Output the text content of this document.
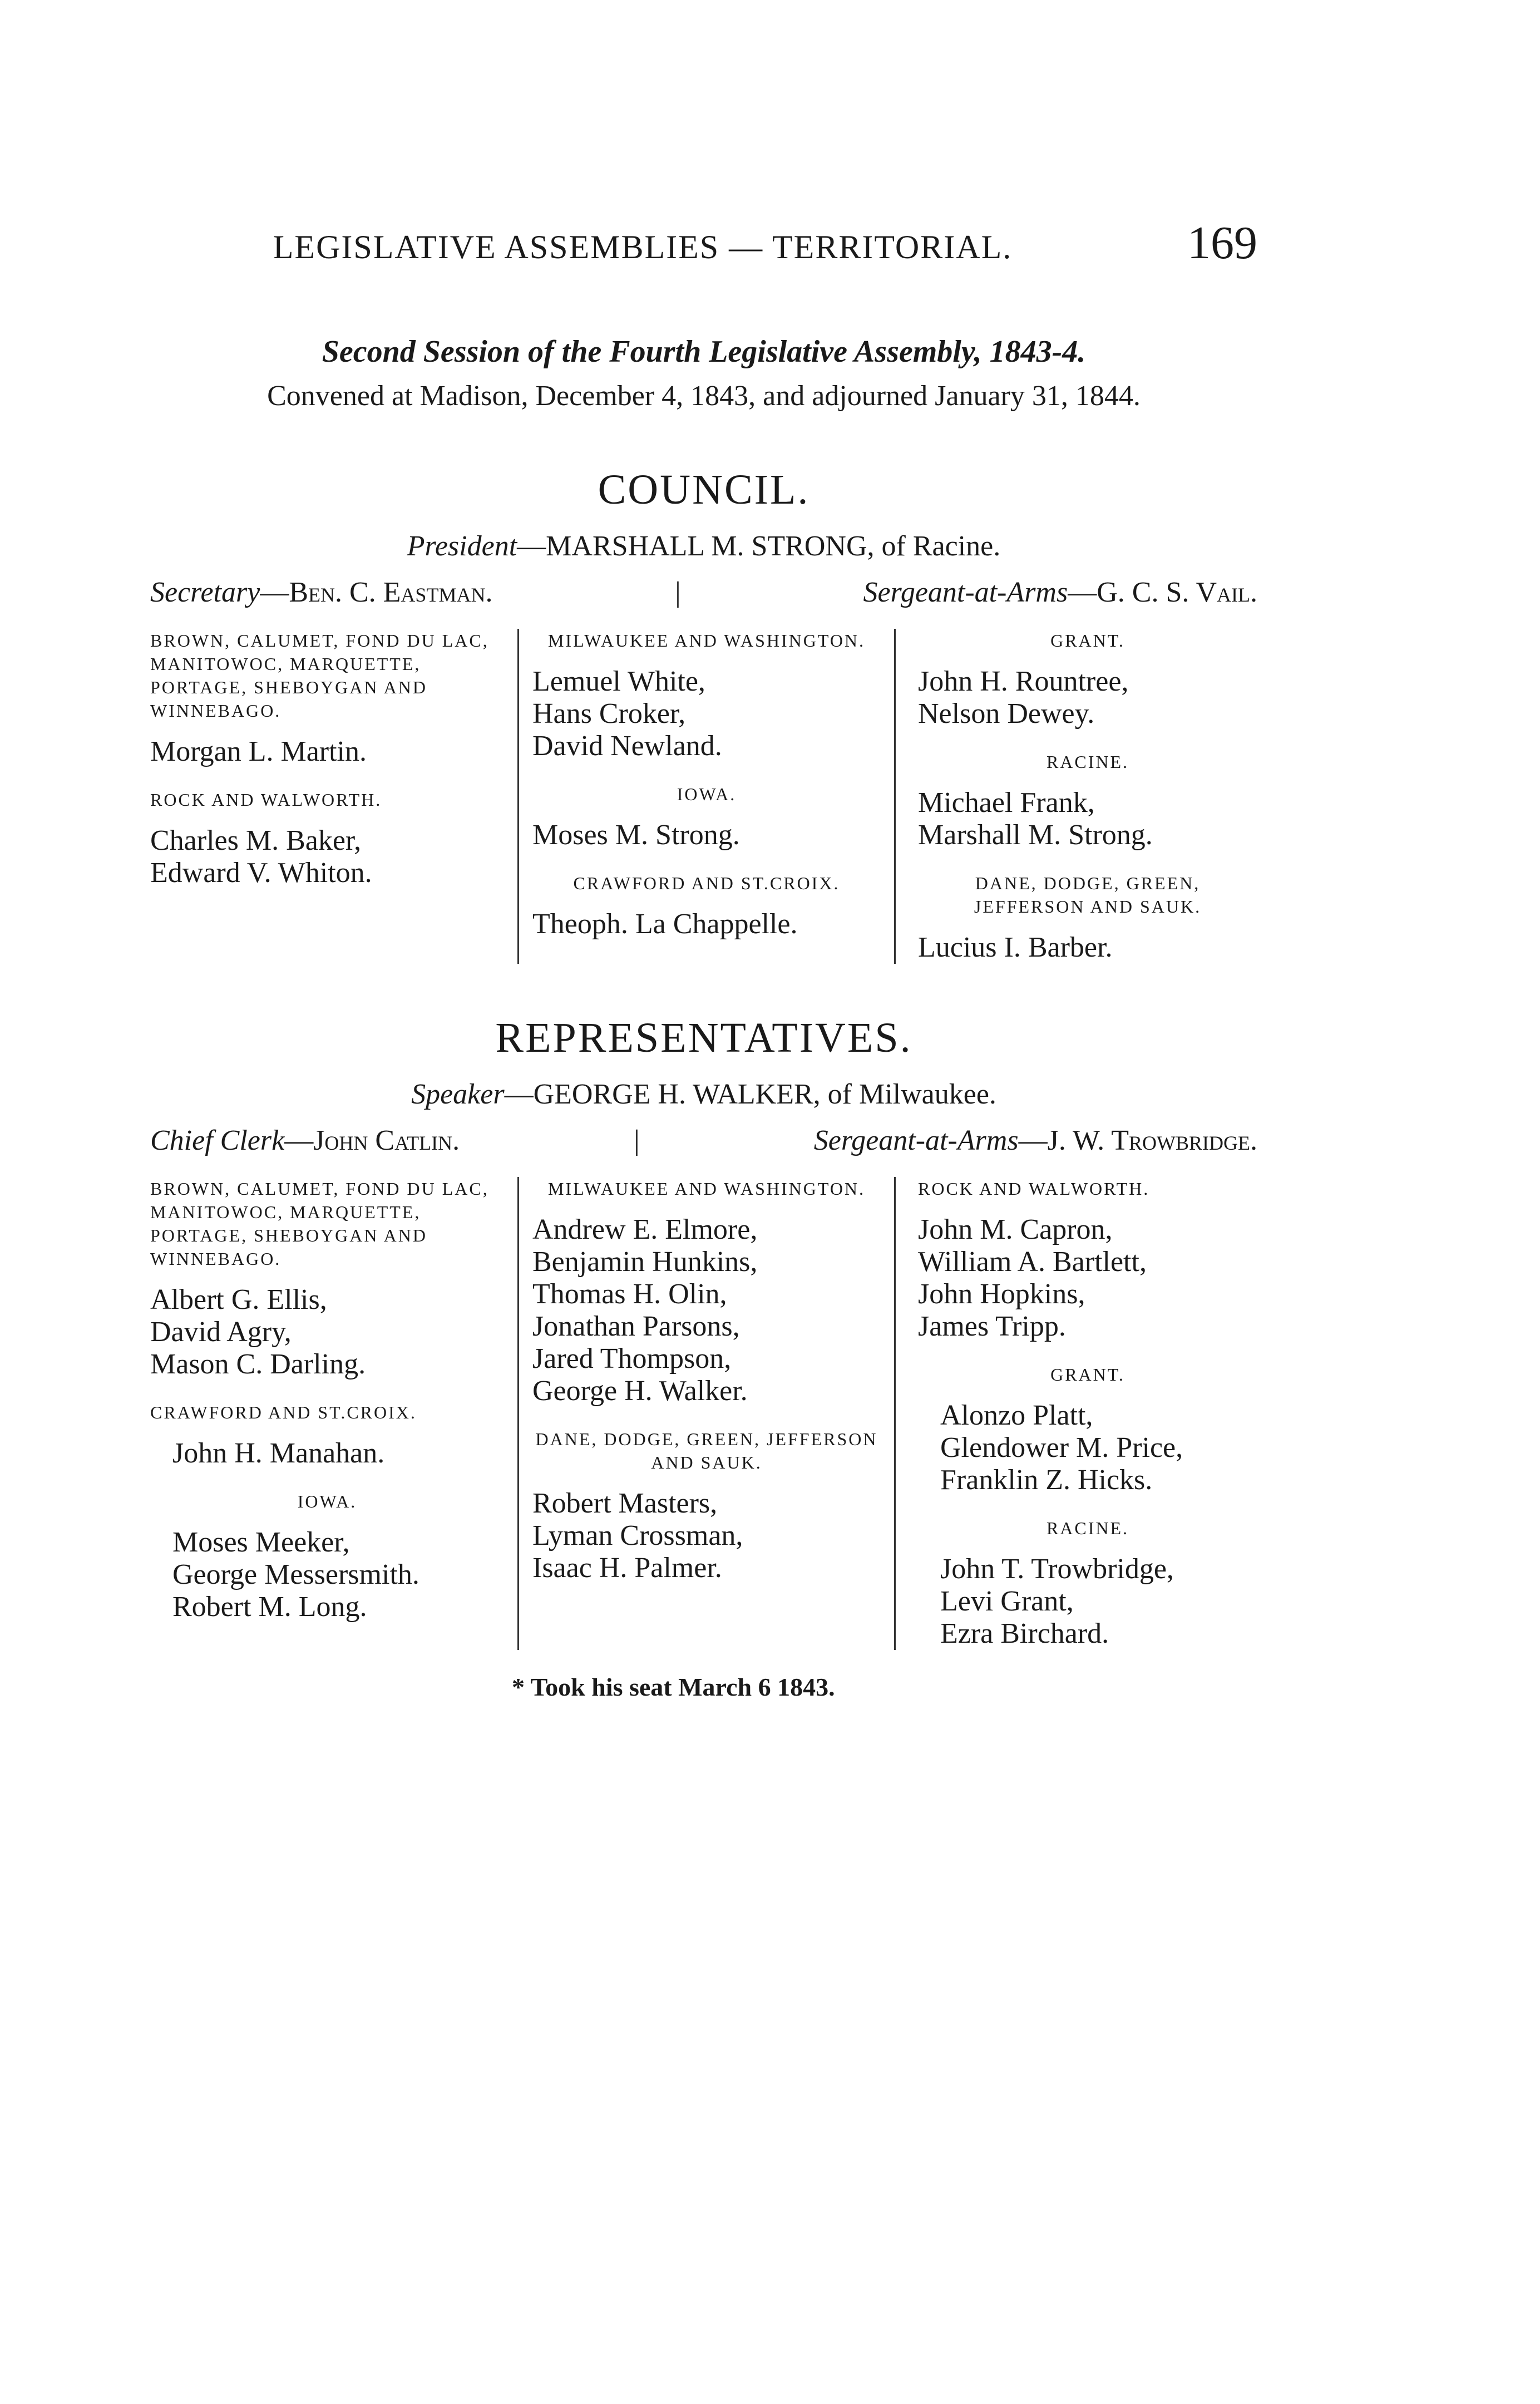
LEGISLATIVE ASSEMBLIES — TERRITORIAL.	169
Second Session of the Fourth Legislative Assembly, 1843-4.
Convened at Madison, December 4, 1843, and adjourned January 31, 1844.
COUNCIL.
President—MARSHALL M. STRONG, of Racine.
Secretary—Ben. C. Eastman.	|	Sergeant-at-Arms—G. C. S. Vail.
BROWN, CALUMET, FOND DU LAC, MANITOWOC, MARQUETTE, PORTAGE, SHEBOYGAN AND WINNEBAGO.
Morgan L. Martin.
ROCK AND WALWORTH.
Charles M. Baker,
Edward V. Whiton.
MILWAUKEE AND WASHINGTON.
Lemuel White,
Hans Croker,
David Newland.
IOWA.
Moses M. Strong.
CRAWFORD AND ST.CROIX.
Theoph. La Chappelle.
GRANT.
John H. Rountree,
Nelson Dewey.
RACINE.
Michael Frank,
Marshall M. Strong.
DANE, DODGE, GREEN, JEFFERSON AND SAUK.
Lucius I. Barber.
REPRESENTATIVES.
Speaker—GEORGE H. WALKER, of Milwaukee.
Chief Clerk—John Catlin.	|	Sergeant-at-Arms—J. W. Trowbridge.
BROWN, CALUMET, FOND DU LAC, MANITOWOC, MARQUETTE, PORTAGE, SHEBOYGAN AND WINNEBAGO.
Albert G. Ellis,
David Agry,
Mason C. Darling.
CRAWFORD AND ST.CROIX.
John H. Manahan.
IOWA.
Moses Meeker,
George Messersmith.
Robert M. Long.
MILWAUKEE AND WASHINGTON.
Andrew E. Elmore,
Benjamin Hunkins,
Thomas H. Olin,
Jonathan Parsons,
Jared Thompson,
George H. Walker.
DANE, DODGE, GREEN, JEFFERSON AND SAUK.
Robert Masters,
Lyman Crossman,
Isaac H. Palmer.
ROCK AND WALWORTH.
John M. Capron,
William A. Bartlett,
John Hopkins,
James Tripp.
GRANT.
Alonzo Platt,
Glendower M. Price,
Franklin Z. Hicks.
RACINE.
John T. Trowbridge,
Levi Grant,
Ezra Birchard.
* Took his seat March 6 1843.
